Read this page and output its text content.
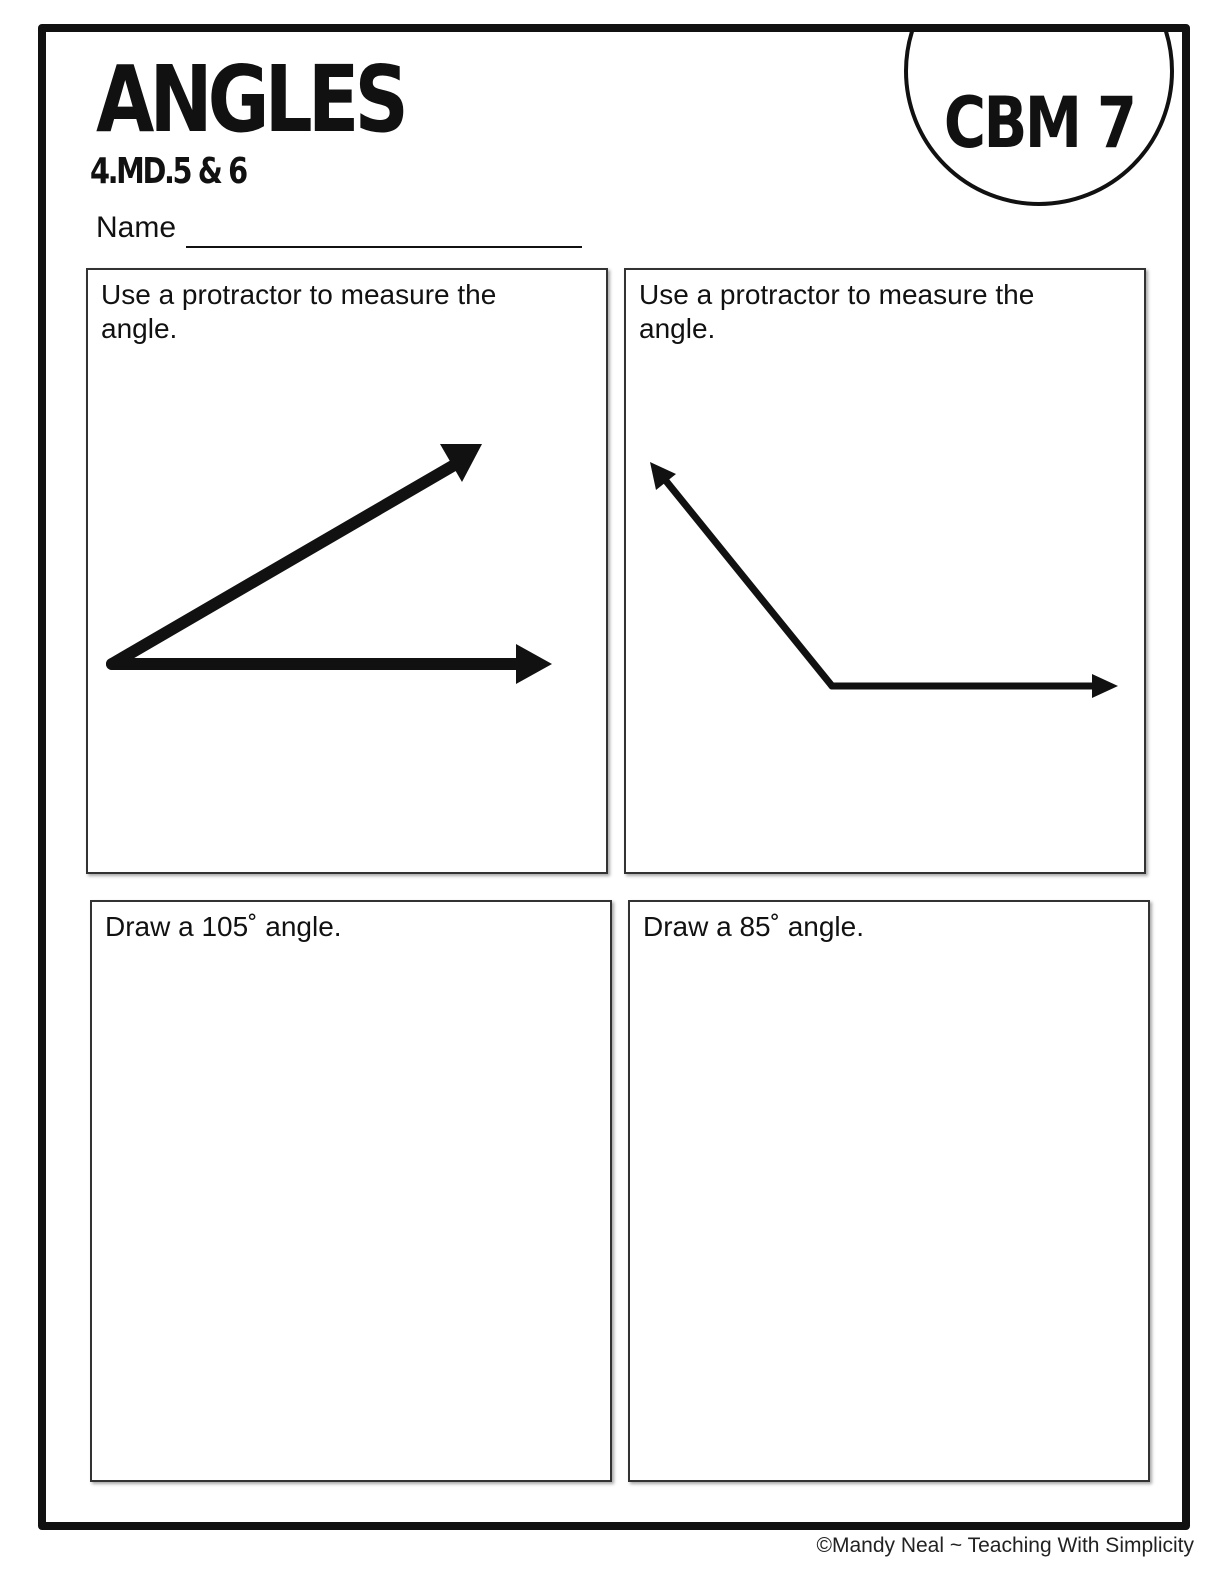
ANGLES
4.MD.5 & 6
Name
CBM 7
Use a protractor to measure the angle.
Use a protractor to measure the angle.
Draw a 105˚ angle.	Draw a 85˚ angle.
©Mandy Neal ~ Teaching With Simplicity
